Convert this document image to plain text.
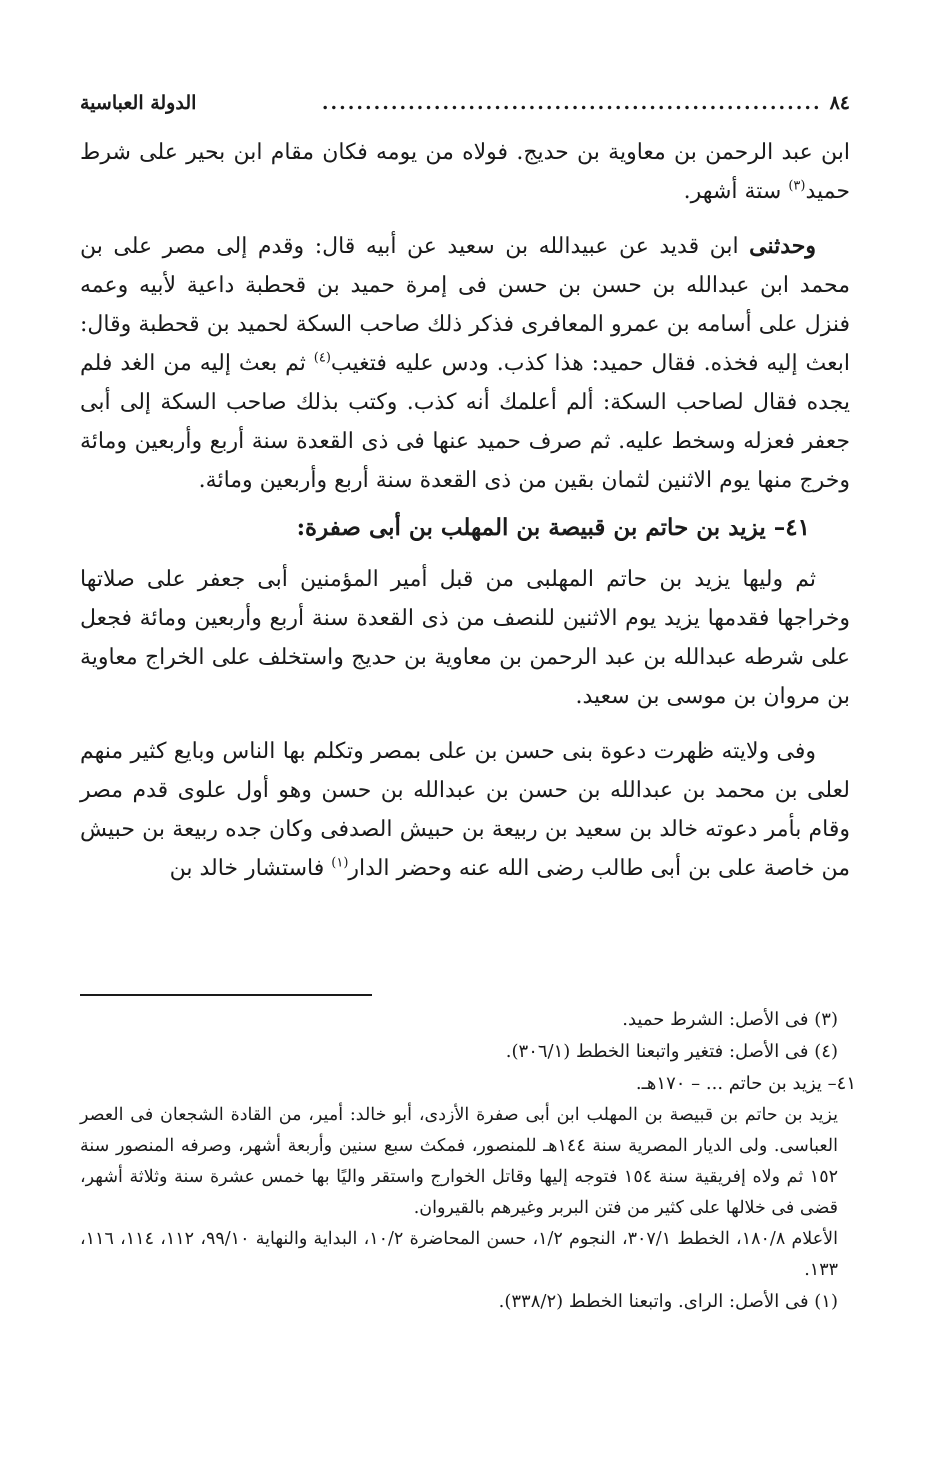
٨٤
..........................................................
الدولة العباسية

ابن عبد الرحمن بن معاوية بن حديج. فولاه من يومه فكان مقام ابن بحير على شرط حميد$^{(٣)}$ ستة أشهر.

وحدثنى ابن قديد عن عبيدالله بن سعيد عن أبيه قال: وقدم إلى مصر على بن محمد ابن عبدالله بن حسن بن حسن فى إمرة حميد بن قحطبة داعية لأبيه وعمه فنزل على أسامه بن عمرو المعافرى فذكر ذلك صاحب السكة لحميد بن قحطبة وقال: ابعث إليه فخذه. فقال حميد: هذا كذب. ودس عليه فتغيب$^{(٤)}$ ثم بعث إليه من الغد فلم يجده فقال لصاحب السكة: ألم أعلمك أنه كذب. وكتب بذلك صاحب السكة إلى أبى جعفر فعزله وسخط عليه. ثم صرف حميد عنها فى ذى القعدة سنة أربع وأربعين ومائة وخرج منها يوم الاثنين لثمان بقين من ذى القعدة سنة أربع وأربعين ومائة.

٤١– يزيد بن حاتم بن قبيصة بن المهلب بن أبى صفرة:

ثم وليها يزيد بن حاتم المهلبى من قبل أمير المؤمنين أبى جعفر على صلاتها وخراجها فقدمها يزيد يوم الاثنين للنصف من ذى القعدة سنة أربع وأربعين ومائة فجعل على شرطه عبدالله بن عبد الرحمن بن معاوية بن حديج واستخلف على الخراج معاوية بن مروان بن موسى بن سعيد.

وفى ولايته ظهرت دعوة بنى حسن بن على بمصر وتكلم بها الناس وبايع كثير منهم لعلى بن محمد بن عبدالله بن حسن بن عبدالله بن حسن وهو أول علوى قدم مصر وقام بأمر دعوته خالد بن سعيد بن ربيعة بن حبيش الصدفى وكان جده ربيعة بن حبيش من خاصة على بن أبى طالب رضى الله عنه وحضر الدار$^{(١)}$ فاستشار خالد بن

(٣) فى الأصل: الشرط حميد.

(٤) فى الأصل: فتغير واتبعنا الخطط (٣٠٦/١).

٤١– يزيد بن حاتم ... – ١٧٠هـ.

يزيد بن حاتم بن قبيصة بن المهلب ابن أبى صفرة الأزدى، أبو خالد: أمير، من القادة الشجعان فى العصر العباسى. ولى الديار المصرية سنة ١٤٤هـ للمنصور، فمكث سبع سنين وأربعة أشهر، وصرفه المنصور سنة ١٥٢ ثم ولاه إفريقية سنة ١٥٤ فتوجه إليها وقاتل الخوارج واستقر واليًا بها خمس عشرة سنة وثلاثة أشهر، قضى فى خلالها على كثير من فتن البربر وغيرهم بالقيروان.

الأعلام ١٨٠/٨، الخطط ٣٠٧/١، النجوم ١/٢، حسن المحاضرة ١٠/٢، البداية والنهاية ٩٩/١٠، ١١٢، ١١٤، ١١٦، ١٣٣.

(١) فى الأصل: الراى. واتبعنا الخطط (٣٣٨/٢).
